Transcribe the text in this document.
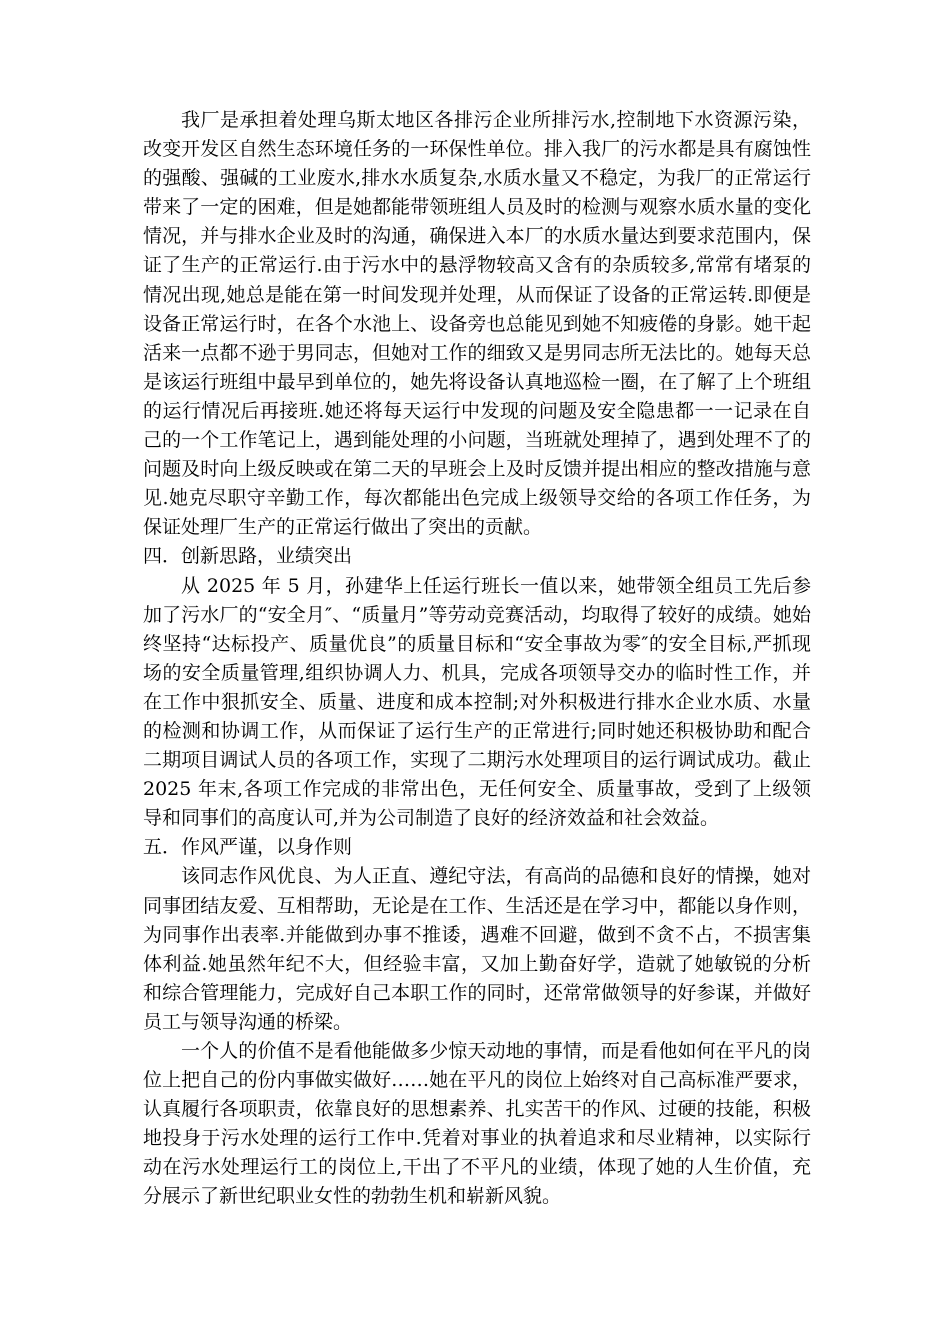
我厂是承担着处理乌斯太地区各排污企业所排污水,控制地下水资源污染，改变开发区自然生态环境任务的一环保性单位。排入我厂的污水都是具有腐蚀性的强酸、强碱的工业废水,排水水质复杂,水质水量又不稳定，为我厂的正常运行带来了一定的困难，但是她都能带领班组人员及时的检测与观察水质水量的变化情况，并与排水企业及时的沟通，确保进入本厂的水质水量达到要求范围内，保证了生产的正常运行.由于污水中的悬浮物较高又含有的杂质较多,常常有堵泵的情况出现,她总是能在第一时间发现并处理，从而保证了设备的正常运转.即便是设备正常运行时，在各个水池上、设备旁也总能见到她不知疲倦的身影。她干起活来一点都不逊于男同志，但她对工作的细致又是男同志所无法比的。她每天总是该运行班组中最早到单位的，她先将设备认真地巡检一圈，在了解了上个班组的运行情况后再接班.她还将每天运行中发现的问题及安全隐患都一一记录在自己的一个工作笔记上，遇到能处理的小问题，当班就处理掉了，遇到处理不了的问题及时向上级反映或在第二天的早班会上及时反馈并提出相应的整改措施与意见.她克尽职守辛勤工作，每次都能出色完成上级领导交给的各项工作任务，为保证处理厂生产的正常运行做出了突出的贡献。

四．创新思路，业绩突出

从 2025 年 5 月，孙建华上任运行班长一值以来，她带领全组员工先后参加了污水厂的“安全月″、“质量月”等劳动竞赛活动，均取得了较好的成绩。她始终坚持“达标投产、质量优良”的质量目标和“安全事故为零″的安全目标,严抓现场的安全质量管理,组织协调人力、机具，完成各项领导交办的临时性工作，并在工作中狠抓安全、质量、进度和成本控制;对外积极进行排水企业水质、水量的检测和协调工作，从而保证了运行生产的正常进行;同时她还积极协助和配合二期项目调试人员的各项工作，实现了二期污水处理项目的运行调试成功。截止 2025 年末,各项工作完成的非常出色，无任何安全、质量事故，受到了上级领导和同事们的高度认可,并为公司制造了良好的经济效益和社会效益。

五．作风严谨，以身作则

该同志作风优良、为人正直、遵纪守法，有高尚的品德和良好的情操，她对同事团结友爱、互相帮助，无论是在工作、生活还是在学习中，都能以身作则，为同事作出表率.并能做到办事不推诿，遇难不回避，做到不贪不占，不损害集体利益.她虽然年纪不大，但经验丰富，又加上勤奋好学，造就了她敏锐的分析和综合管理能力，完成好自己本职工作的同时，还常常做领导的好参谋，并做好员工与领导沟通的桥梁。

一个人的价值不是看他能做多少惊天动地的事情，而是看他如何在平凡的岗位上把自己的份内事做实做好……她在平凡的岗位上始终对自己高标准严要求，认真履行各项职责，依靠良好的思想素养、扎实苦干的作风、过硬的技能，积极地投身于污水处理的运行工作中.凭着对事业的执着追求和尽业精神，以实际行动在污水处理运行工的岗位上,干出了不平凡的业绩，体现了她的人生价值，充分展示了新世纪职业女性的勃勃生机和崭新风貌。
